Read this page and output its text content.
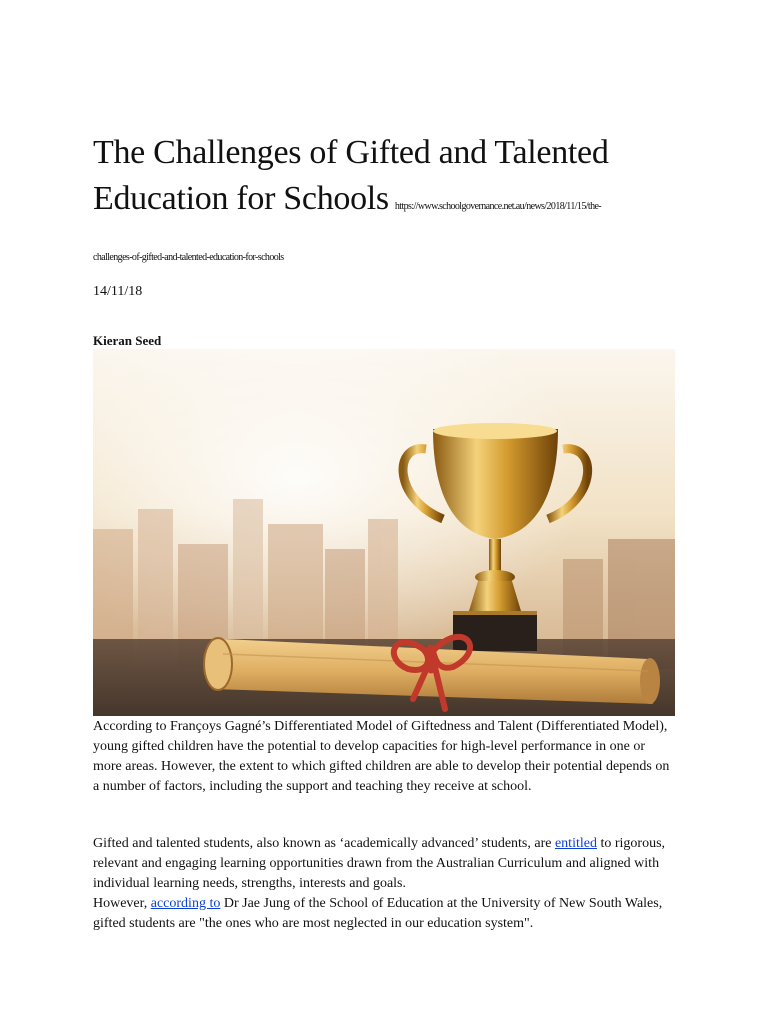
The Challenges of Gifted and Talented Education for Schools https://www.schoolgovernance.net.au/news/2018/11/15/the-
challenges-of-gifted-and-talented-education-for-schools
14/11/18
Kieran Seed

According to Françoys Gagné’s Differentiated Model of Giftedness and Talent (Differentiated Model), young gifted children have the potential to develop capacities for high-level performance in one or more areas. However, the extent to which gifted children are able to develop their potential depends on a number of factors, including the support and teaching they receive at school.

Gifted and talented students, also known as ‘academically advanced’ students, are entitled to rigorous, relevant and engaging learning opportunities drawn from the Australian Curriculum and aligned with individual learning needs, strengths, interests and goals.

However, according to Dr Jae Jung of the School of Education at the University of New South Wales, gifted students are "the ones who are most neglected in our education system".
